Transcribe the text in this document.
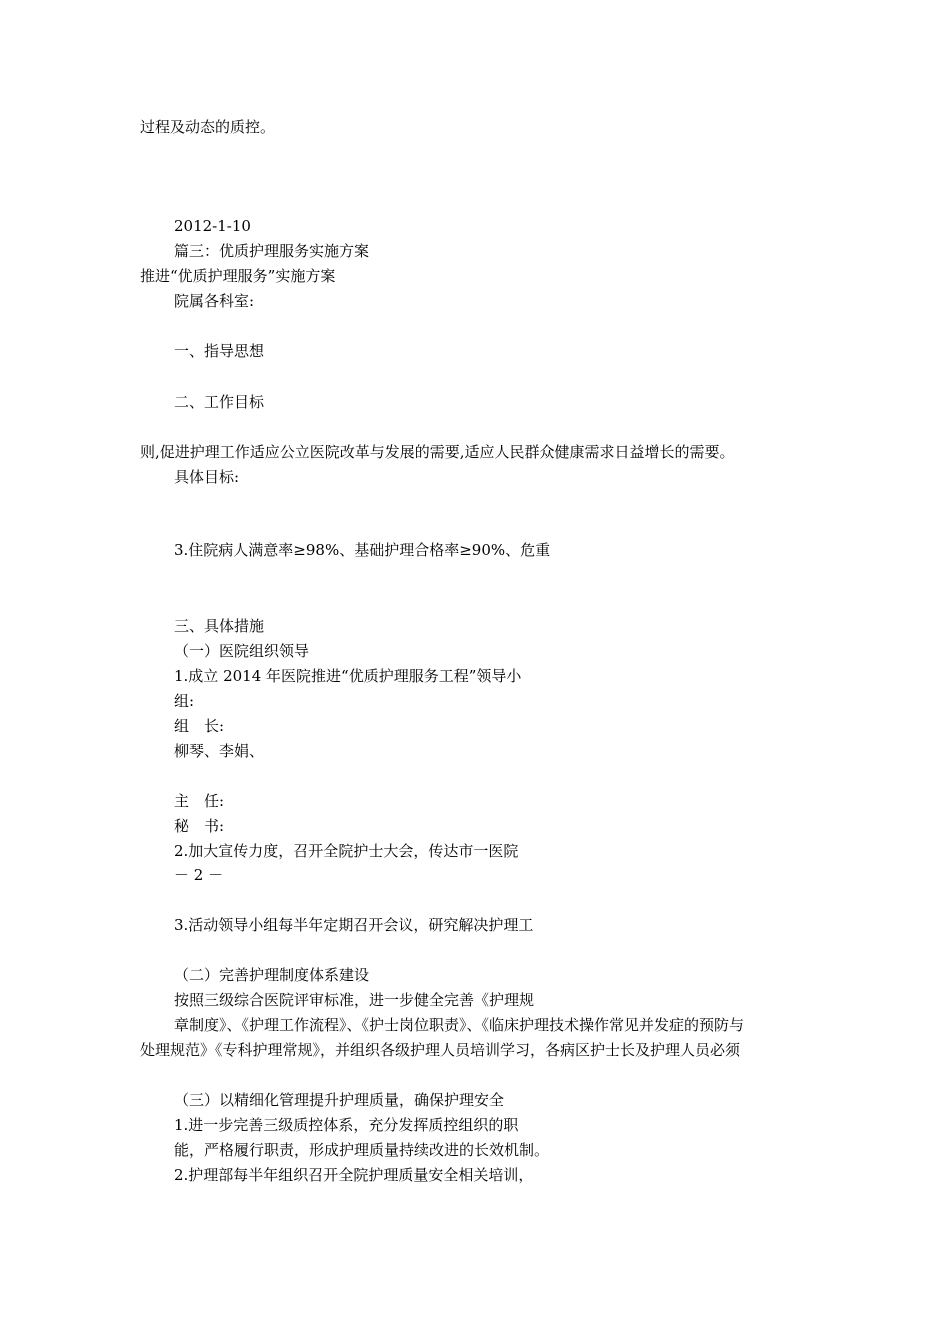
过程及动态的质控。
2012-1-10
篇三：优质护理服务实施方案
推进“优质护理服务”实施方案
院属各科室:
一、指导思想
二、工作目标
则,促进护理工作适应公立医院改革与发展的需要,适应人民群众健康需求日益增长的需要。
具体目标:
3.住院病人满意率≥98%、基础护理合格率≥90%、危重
三、具体措施
（一）医院组织领导
1.成立 2014 年医院推进“优质护理服务工程”领导小
组:
组　长:
柳琴、李娟、
主　任:
秘　书:
2.加大宣传力度，召开全院护士大会，传达市一医院
－ 2 －
3.活动领导小组每半年定期召开会议，研究解决护理工
（二）完善护理制度体系建设
按照三级综合医院评审标准，进一步健全完善《护理规
章制度》、《护理工作流程》、《护士岗位职责》、《临床护理技术操作常见并发症的预防与
处理规范》《专科护理常规》，并组织各级护理人员培训学习，各病区护士长及护理人员必须
（三）以精细化管理提升护理质量，确保护理安全
1.进一步完善三级质控体系，充分发挥质控组织的职
能，严格履行职责，形成护理质量持续改进的长效机制。
2.护理部每半年组织召开全院护理质量安全相关培训，
